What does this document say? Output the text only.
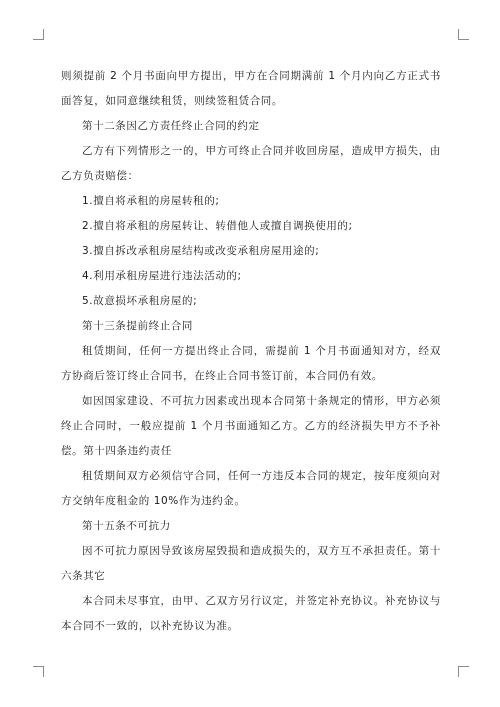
则须提前 2 个月书面向甲方提出，甲方在合同期满前 1 个月内向乙方正式书面答复，如同意继续租赁，则续签租赁合同。

第十二条因乙方责任终止合同的约定

乙方有下列情形之一的，甲方可终止合同并收回房屋，造成甲方损失，由乙方负责赔偿：

1.擅自将承租的房屋转租的;

2.擅自将承租的房屋转让、转借他人或擅自调换使用的;

3.擅自拆改承租房屋结构或改变承租房屋用途的;

4.利用承租房屋进行违法活动的;

5.故意损坏承租房屋的;

第十三条提前终止合同

租赁期间，任何一方提出终止合同，需提前 1 个月书面通知对方，经双方协商后签订终止合同书，在终止合同书签订前，本合同仍有效。

如因国家建设、不可抗力因素或出现本合同第十条规定的情形，甲方必须终止合同时，一般应提前 1 个月书面通知乙方。乙方的经济损失甲方不予补偿。第十四条违约责任

租赁期间双方必须信守合同，任何一方违反本合同的规定，按年度须向对方交纳年度租金的 10%作为违约金。

第十五条不可抗力

因不可抗力原因导致该房屋毁损和造成损失的，双方互不承担责任。第十六条其它

本合同未尽事宜，由甲、乙双方另行议定，并签定补充协议。补充协议与本合同不一致的，以补充协议为准。
